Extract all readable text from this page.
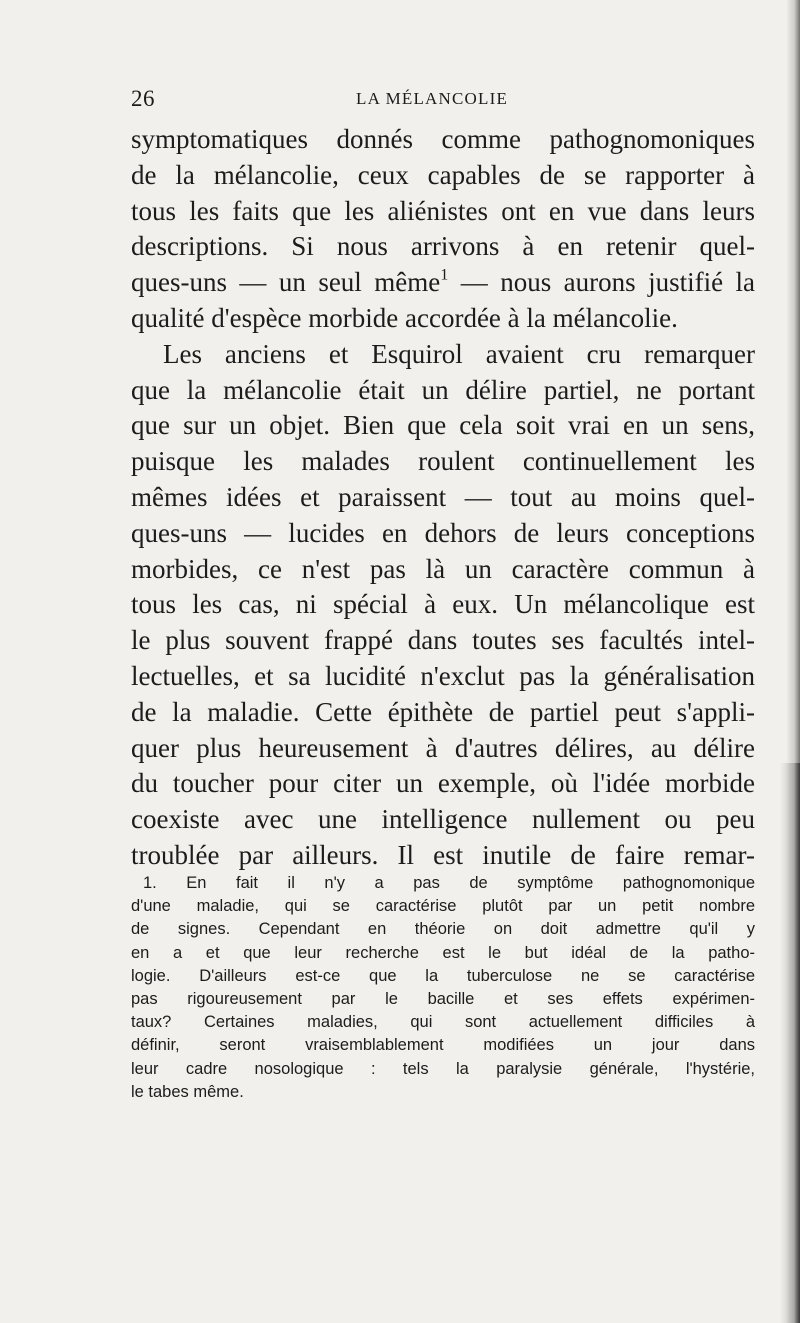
26	LA MÉLANCOLIE
symptomatiques donnés comme pathognomoniques
de la mélancolie, ceux capables de se rapporter à
tous les faits que les aliénistes ont en vue dans leurs
descriptions. Si nous arrivons à en retenir quel-
ques-uns — un seul même$^1$ — nous aurons justifié la
qualité d'espèce morbide accordée à la mélancolie.
Les anciens et Esquirol avaient cru remarquer
que la mélancolie était un délire partiel, ne portant
que sur un objet. Bien que cela soit vrai en un sens,
puisque les malades roulent continuellement les
mêmes idées et paraissent — tout au moins quel-
ques-uns — lucides en dehors de leurs conceptions
morbides, ce n'est pas là un caractère commun à
tous les cas, ni spécial à eux. Un mélancolique est
le plus souvent frappé dans toutes ses facultés intel-
lectuelles, et sa lucidité n'exclut pas la généralisation
de la maladie. Cette épithète de partiel peut s'appli-
quer plus heureusement à d'autres délires, au délire
du toucher pour citer un exemple, où l'idée morbide
coexiste avec une intelligence nullement ou peu
troublée par ailleurs. Il est inutile de faire remar-
1. En fait il n'y a pas de symptôme pathognomonique
d'une maladie, qui se caractérise plutôt par un petit nombre
de signes. Cependant en théorie on doit admettre qu'il y
en a et que leur recherche est le but idéal de la patho-
logie. D'ailleurs est-ce que la tuberculose ne se caractérise
pas rigoureusement par le bacille et ses effets expérimen-
taux? Certaines maladies, qui sont actuellement difficiles à
définir, seront vraisemblablement modifiées un jour dans
leur cadre nosologique : tels la paralysie générale, l'hystérie,
le tabes même.
